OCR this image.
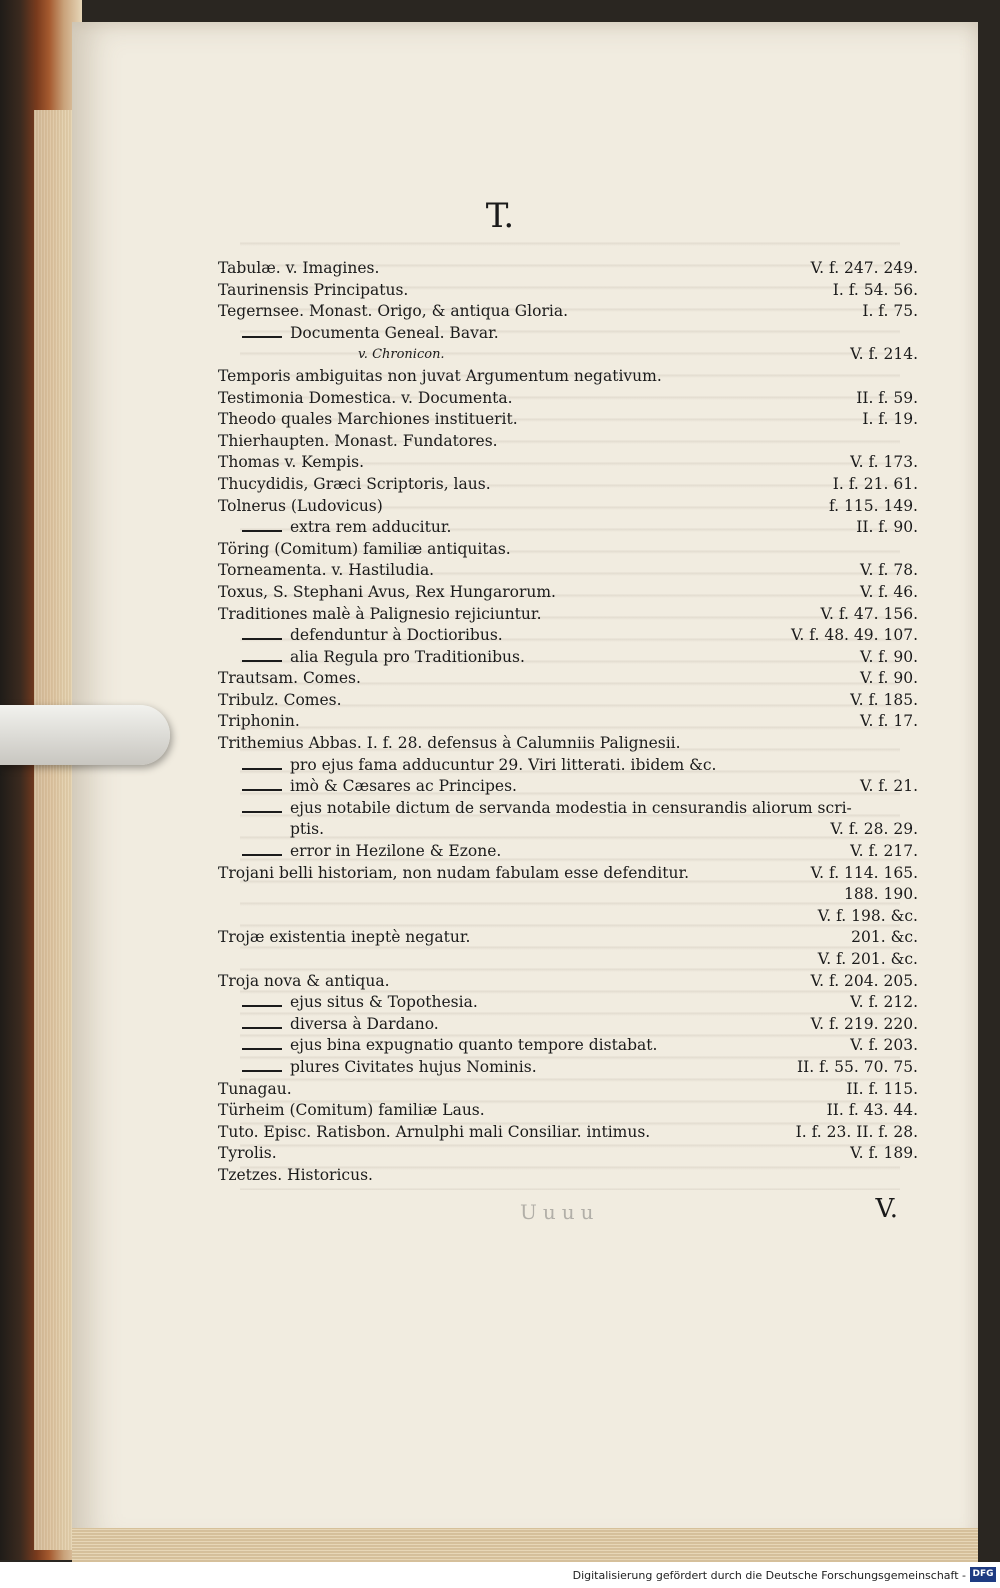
T.
Tabulæ. v. Imagines.	V. f. 247. 249.
Taurinensis Principatus.	I. f. 54. 56.
Tegernsee. Monast. Origo, & antiqua Gloria.	I. f. 75.
Documenta Geneal. Bavar.
v. Chronicon.	V. f. 214.
Temporis ambiguitas non juvat Argumentum negativum.
Testimonia Domestica. v. Documenta.	II. f. 59.
Theodo quales Marchiones instituerit.	I. f. 19.
Thierhaupten. Monast. Fundatores.
Thomas v. Kempis.	V. f. 173.
Thucydidis, Græci Scriptoris, laus.	I. f. 21. 61.
Tolnerus (Ludovicus)	f. 115. 149.
extra rem adducitur.	II. f. 90.
Töring (Comitum) familiæ antiquitas.
Torneamenta. v. Hastiludia.	V. f. 78.
Toxus, S. Stephani Avus, Rex Hungarorum.	V. f. 46.
Traditiones malè à Palignesio rejiciuntur.	V. f. 47. 156.
defenduntur à Doctioribus.	V. f. 48. 49. 107.
alia Regula pro Traditionibus.	V. f. 90.
Trautsam. Comes.	V. f. 90.
Tribulz. Comes.	V. f. 185.
Triphonin.	V. f. 17.
Trithemius Abbas. I. f. 28. defensus à Calumniis Palignesii.
pro ejus fama adducuntur 29. Viri litterati. ibidem &c.
imò & Cæsares ac Principes.	V. f. 21.
ejus notabile dictum de servanda modestia in censurandis aliorum scri-
ptis.	V. f. 28. 29.
error in Hezilone & Ezone.	V. f. 217.
Trojani belli historiam, non nudam fabulam esse defenditur.	V. f. 114. 165.
188. 190.
V. f. 198. &c.
Trojæ existentia ineptè negatur.	201. &c.
V. f. 201. &c.
Troja nova & antiqua.	V. f. 204. 205.
ejus situs & Topothesia.	V. f. 212.
diversa à Dardano.	V. f. 219. 220.
ejus bina expugnatio quanto tempore distabat.	V. f. 203.
plures Civitates hujus Nominis.	II. f. 55. 70. 75.
Tunagau.	II. f. 115.
Türheim (Comitum) familiæ Laus.	II. f. 43. 44.
Tuto. Episc. Ratisbon. Arnulphi mali Consiliar. intimus.	I. f. 23. II. f. 28.
Tyrolis.	V. f. 189.
Tzetzes. Historicus.
Uuuu	V.
Digitalisierung gefördert durch die Deutsche Forschungsgemeinschaft - DFG
